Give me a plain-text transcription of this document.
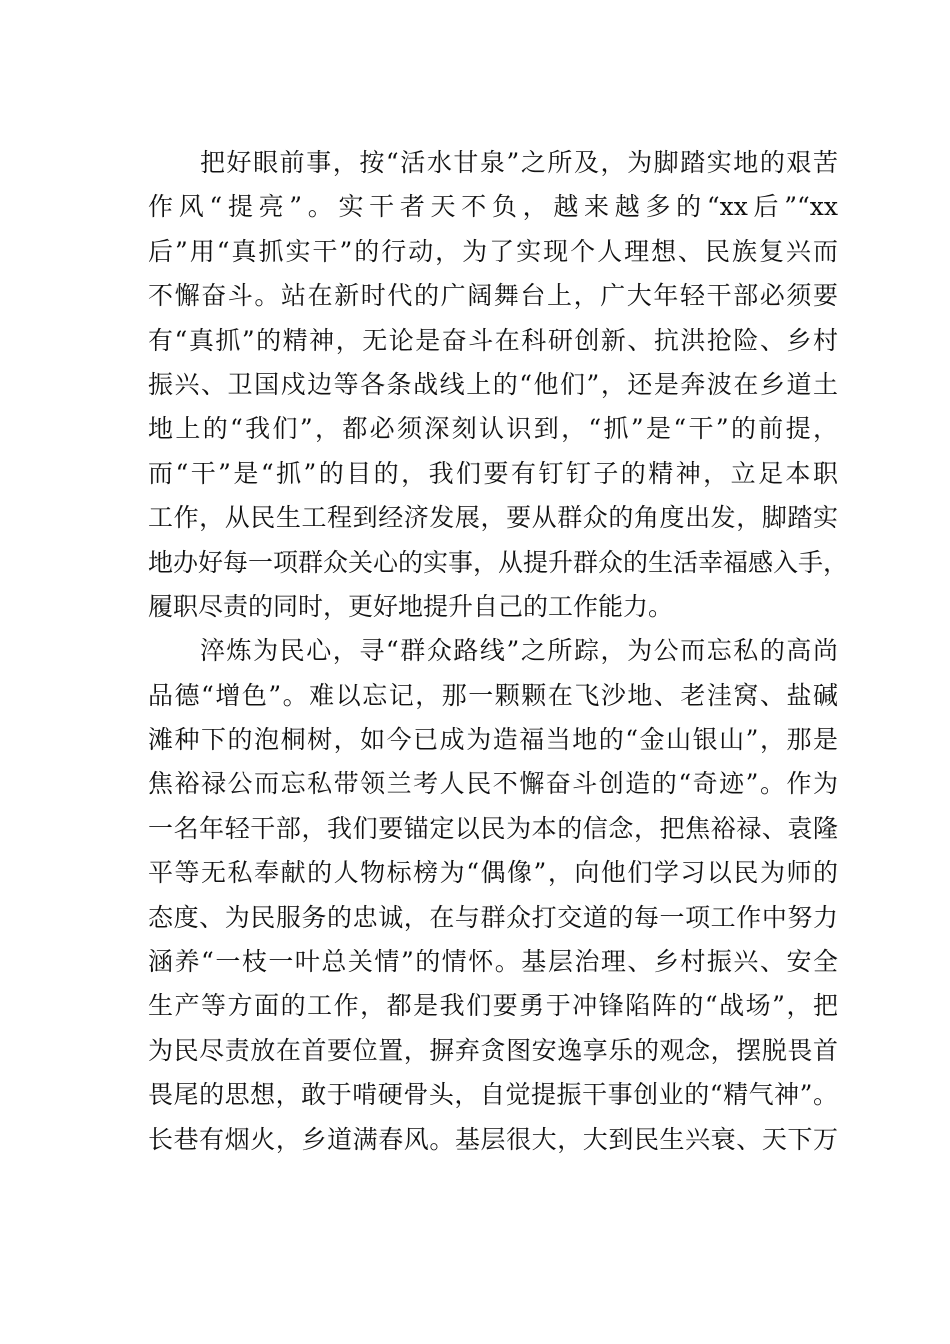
把好眼前事，按“活水甘泉”之所及，为脚踏实地的艰苦
作风“提亮”。实干者天不负，越来越多的“xx后”“xx
后”用“真抓实干”的行动，为了实现个人理想、民族复兴而
不懈奋斗。站在新时代的广阔舞台上，广大年轻干部必须要
有“真抓”的精神，无论是奋斗在科研创新、抗洪抢险、乡村
振兴、卫国戍边等各条战线上的“他们”，还是奔波在乡道土
地上的“我们”，都必须深刻认识到，“抓”是“干”的前提，
而“干”是“抓”的目的，我们要有钉钉子的精神，立足本职
工作，从民生工程到经济发展，要从群众的角度出发，脚踏实
地办好每一项群众关心的实事，从提升群众的生活幸福感入手，
履职尽责的同时，更好地提升自己的工作能力。
淬炼为民心，寻“群众路线”之所踪，为公而忘私的高尚
品德“增色”。难以忘记，那一颗颗在飞沙地、老洼窝、盐碱
滩种下的泡桐树，如今已成为造福当地的“金山银山”，那是
焦裕禄公而忘私带领兰考人民不懈奋斗创造的“奇迹”。作为
一名年轻干部，我们要锚定以民为本的信念，把焦裕禄、袁隆
平等无私奉献的人物标榜为“偶像”，向他们学习以民为师的
态度、为民服务的忠诚，在与群众打交道的每一项工作中努力
涵养“一枝一叶总关情”的情怀。基层治理、乡村振兴、安全
生产等方面的工作，都是我们要勇于冲锋陷阵的“战场”，把
为民尽责放在首要位置，摒弃贪图安逸享乐的观念，摆脱畏首
畏尾的思想，敢于啃硬骨头，自觉提振干事创业的“精气神”。
长巷有烟火，乡道满春风。基层很大，大到民生兴衰、天下万
